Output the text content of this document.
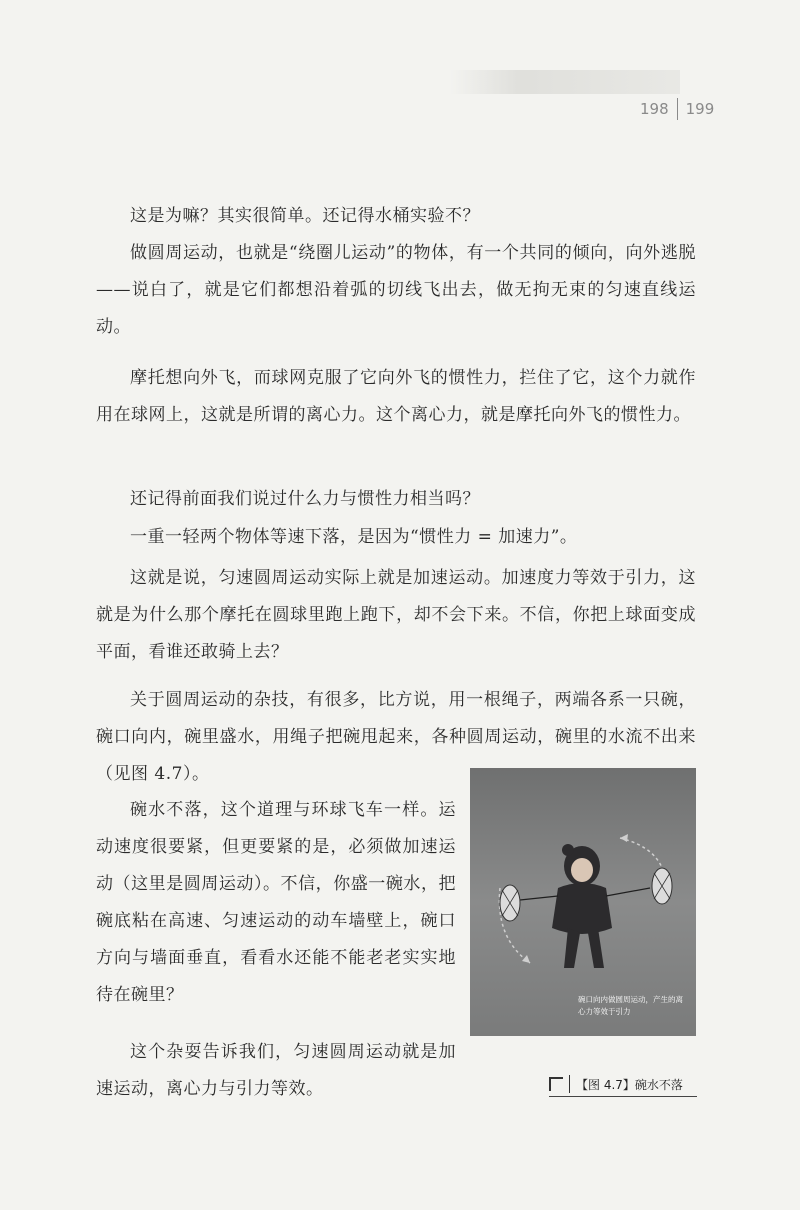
198 199

这是为嘛？其实很简单。还记得水桶实验不？

做圆周运动，也就是“绕圈儿运动”的物体，有一个共同的倾向，向外逃脱——说白了，就是它们都想沿着弧的切线飞出去，做无拘无束的匀速直线运动。

摩托想向外飞，而球网克服了它向外飞的惯性力，拦住了它，这个力就作用在球网上，这就是所谓的离心力。这个离心力，就是摩托向外飞的惯性力。

还记得前面我们说过什么力与惯性力相当吗？

一重一轻两个物体等速下落，是因为“惯性力 = 加速力”。

这就是说，匀速圆周运动实际上就是加速运动。加速度力等效于引力，这就是为什么那个摩托在圆球里跑上跑下，却不会下来。不信，你把上球面变成平面，看谁还敢骑上去？

关于圆周运动的杂技，有很多，比方说，用一根绳子，两端各系一只碗，碗口向内，碗里盛水，用绳子把碗甩起来，各种圆周运动，碗里的水流不出来（见图 4.7）。

碗水不落，这个道理与环球飞车一样。运动速度很要紧，但更要紧的是，必须做加速运动（这里是圆周运动）。不信，你盛一碗水，把碗底粘在高速、匀速运动的动车墙壁上，碗口方向与墙面垂直，看看水还能不能老老实实地待在碗里？

这个杂耍告诉我们，匀速圆周运动就是加速运动，离心力与引力等效。

碗口向内做圆周运动，产生的离心力等效于引力
【图 4.7】碗水不落
